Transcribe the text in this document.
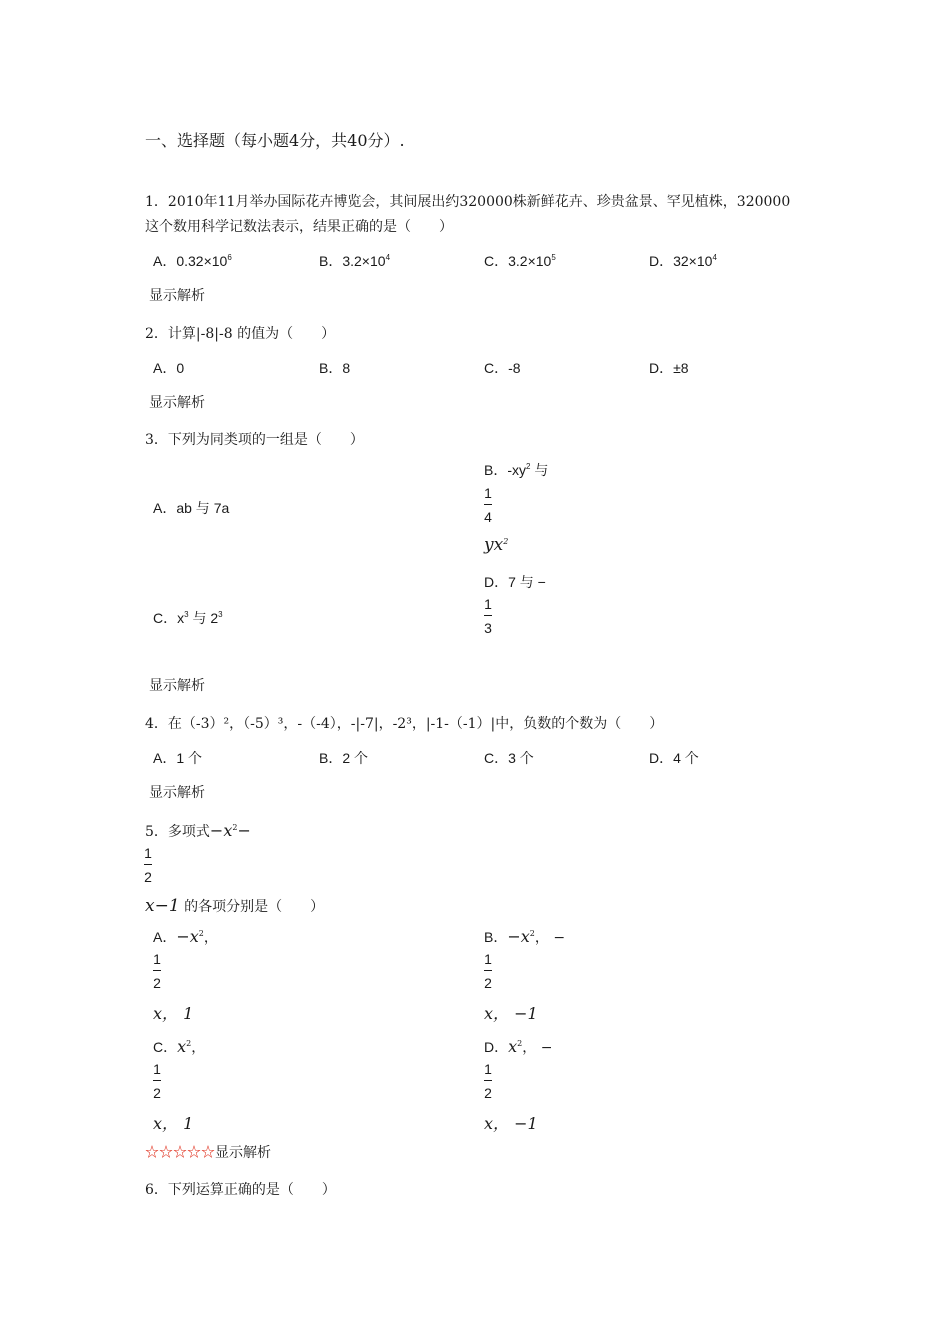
一、选择题（每小题4分，共40分）.
1．2010年11月举办国际花卉博览会，其间展出约320000株新鲜花卉、珍贵盆景、罕见植株，320000
这个数用科学记数法表示，结果正确的是（　　）
A．$0.32\times 10^6$	B．$3.2\times 10^4$	C．$3.2\times 10^5$	D．$32\times 10^4$
显示解析
2．计算|-8|-8 的值为（　　）
A．0	B．8	C．-8	D．±8
显示解析
3．下列为同类项的一组是（　　）
A．ab 与 7a
B．$-xy^2$ 与
1
4
$yx^2$
C．$x^3$ 与 $2^3$
D．7 与 −
1
3
显示解析
4．在（-3）²，（-5）³，-（-4），-|-7|，-2³，|-1-（-1）|中，负数的个数为（　　）
A．1 个	B．2 个	C．3 个	D．4 个
显示解析
5．多项式$-x^2-$
1
2
x−1 的各项分别是（　　）
A．$-x^2$，
1
2
x， 1
B．$-x^2$， −
1
2
x， −1
C．$x^2$，
1
2
x， 1
D．$x^2$， −
1
2
x， −1
☆☆☆☆☆显示解析
6．下列运算正确的是（　　）
